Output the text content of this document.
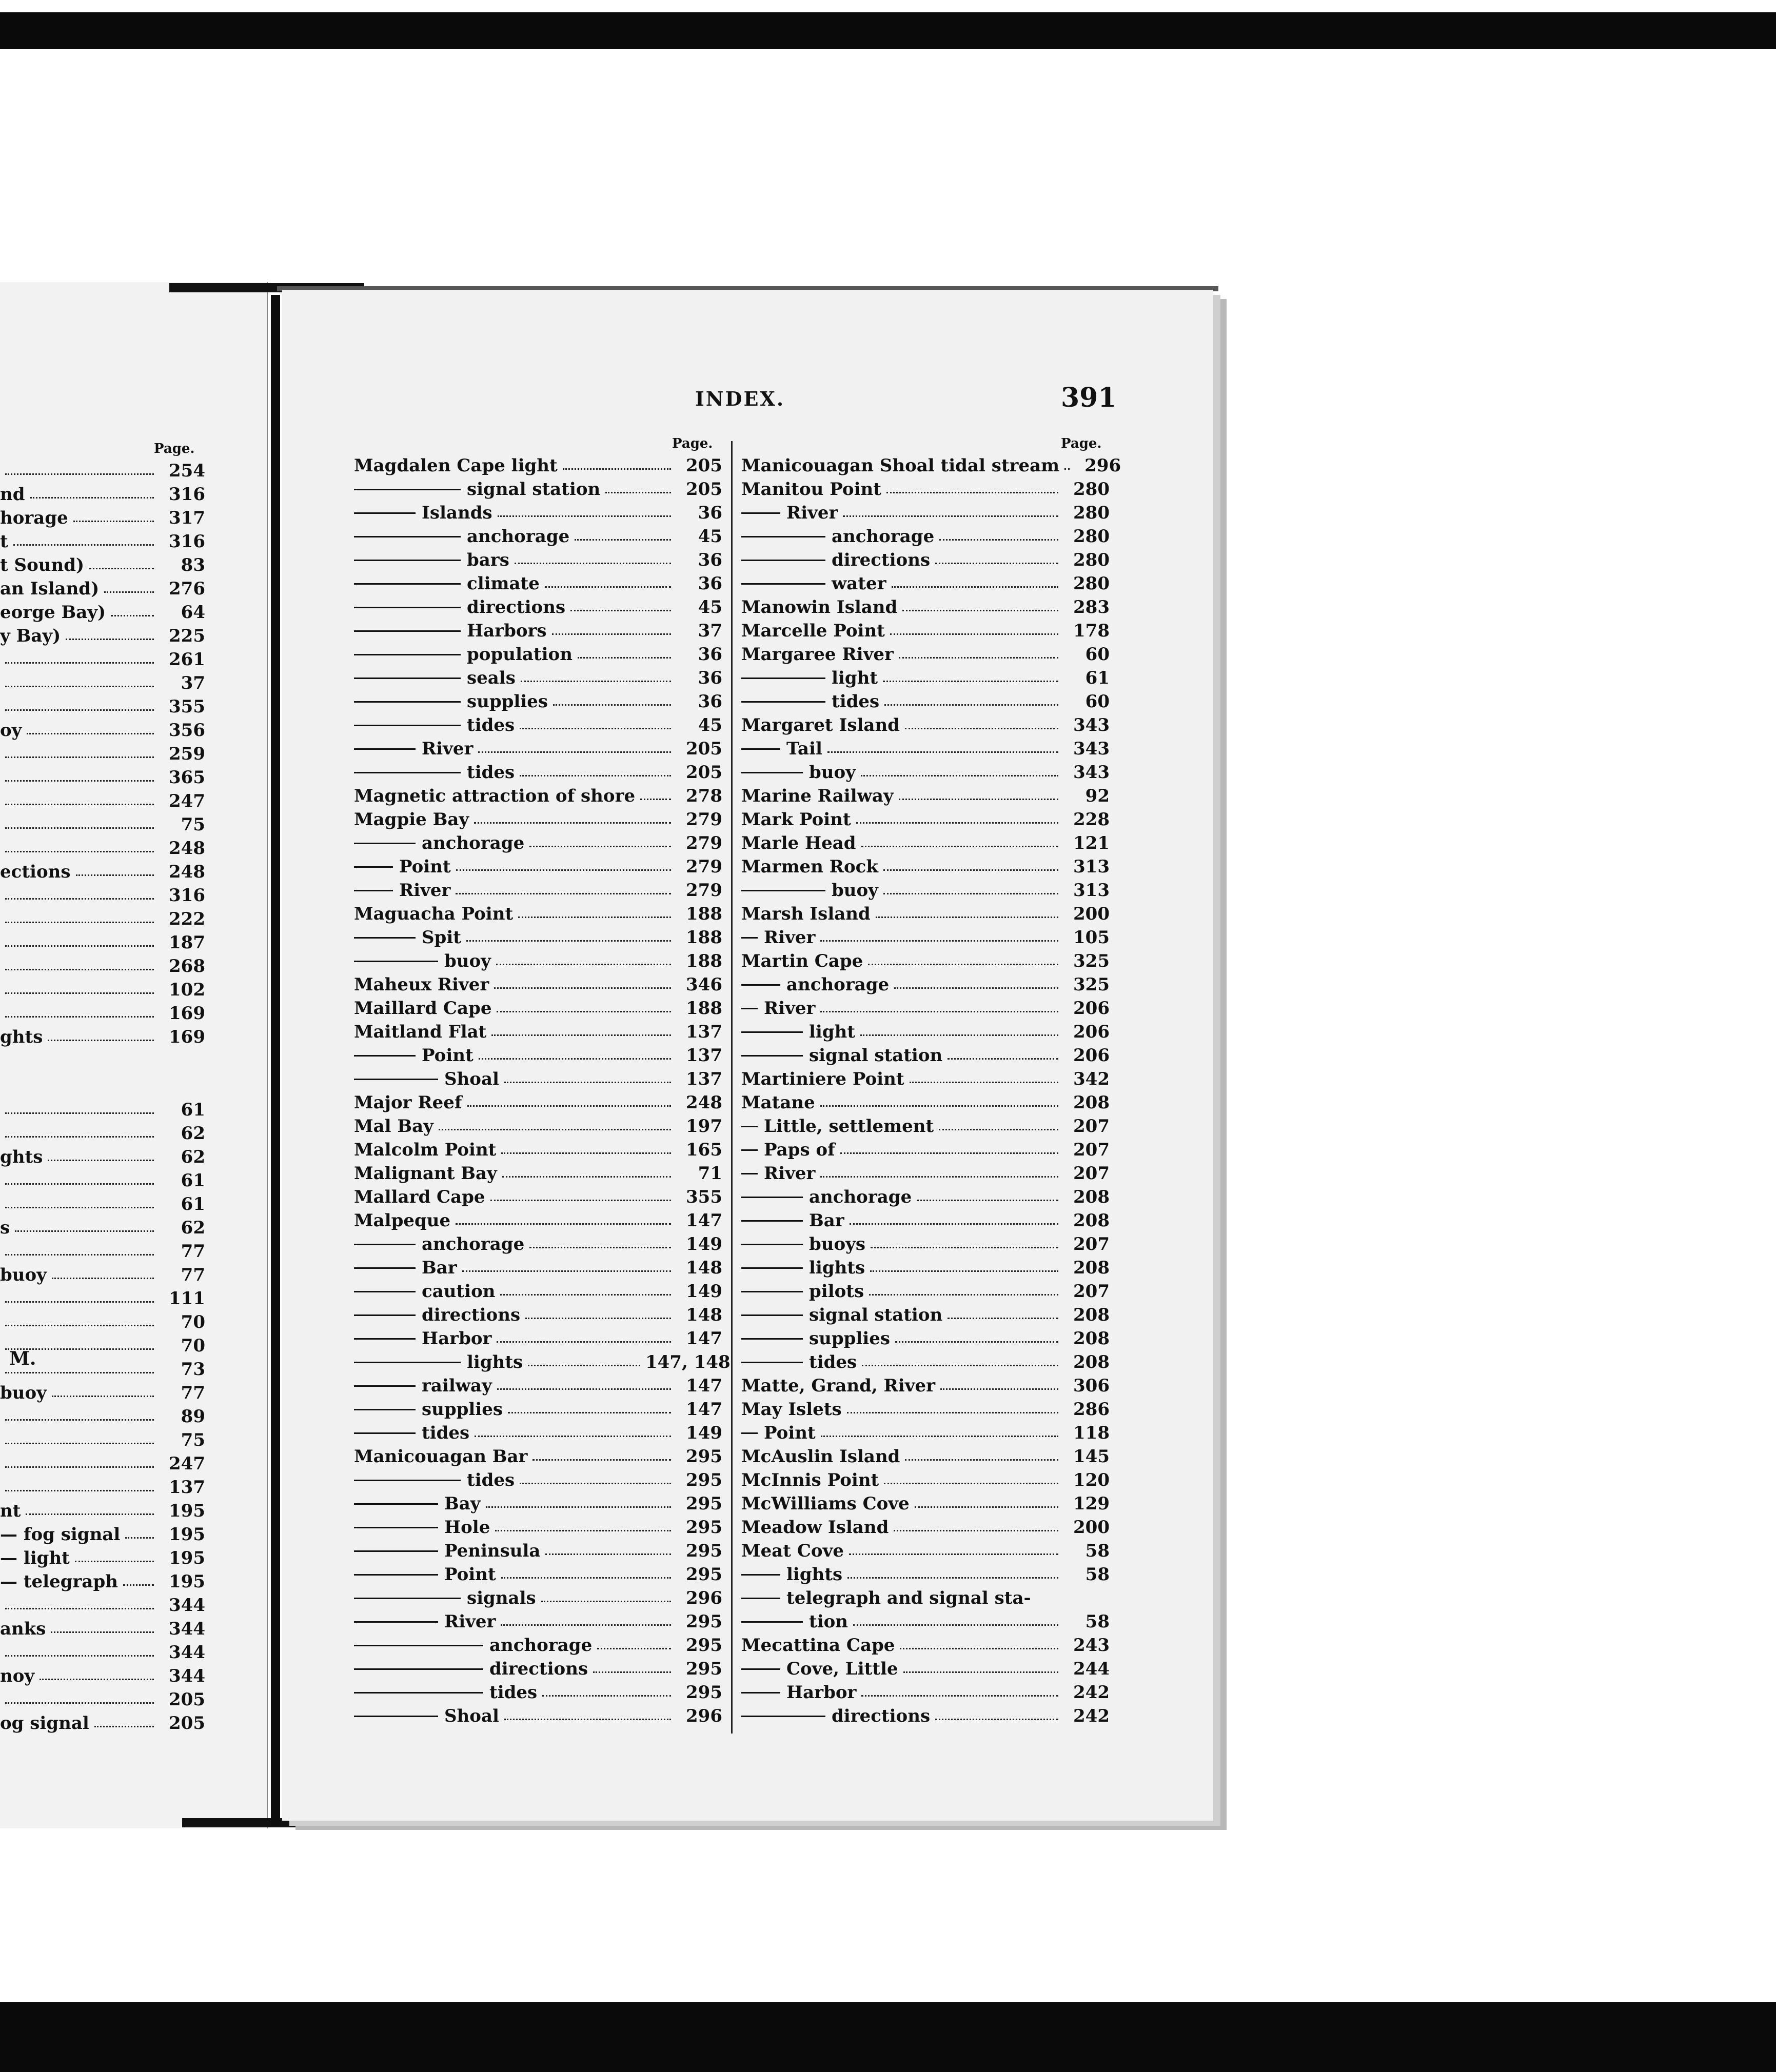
Page.
254
nd	316
horage	317
t	316
t Sound)	83
an Island)	276
eorge Bay)	64
y Bay)	225
261
37
355
oy	356
259
365
247
75
248
ections	248
316
222
187
268
102
169
ghts	169
61
62
ghts	62
61
61
s	62
77
buoy	77
111
70
70
73
buoy	77
89
75
247
137
nt	195
— fog signal	195
— light	195
— telegraph	195
344
anks	344
344
noy	344
205
og signal	205
M.
INDEX.	391
Page.	Page.
Magdalen Cape light	205
signal station	205
Islands	36
anchorage	45
bars	36
climate	36
directions	45
Harbors	37
population	36
seals	36
supplies	36
tides	45
River	205
tides	205
Magnetic attraction of shore	278
Magpie Bay	279
anchorage	279
Point	279
River	279
Maguacha Point	188
Spit	188
buoy	188
Maheux River	346
Maillard Cape	188
Maitland Flat	137
Point	137
Shoal	137
Major Reef	248
Mal Bay	197
Malcolm Point	165
Malignant Bay	71
Mallard Cape	355
Malpeque	147
anchorage	149
Bar	148
caution	149
directions	148
Harbor	147
lights	147, 148
railway	147
supplies	147
tides	149
Manicouagan Bar	295
tides	295
Bay	295
Hole	295
Peninsula	295
Point	295
signals	296
River	295
anchorage	295
directions	295
tides	295
Shoal	296
Manicouagan Shoal tidal stream	296
Manitou Point	280
River	280
anchorage	280
directions	280
water	280
Manowin Island	283
Marcelle Point	178
Margaree River	60
light	61
tides	60
Margaret Island	343
Tail	343
buoy	343
Marine Railway	92
Mark Point	228
Marle Head	121
Marmen Rock	313
buoy	313
Marsh Island	200
River	105
Martin Cape	325
anchorage	325
River	206
light	206
signal station	206
Martiniere Point	342
Matane	208
Little, settlement	207
Paps of	207
River	207
anchorage	208
Bar	208
buoys	207
lights	208
pilots	207
signal station	208
supplies	208
tides	208
Matte, Grand, River	306
May Islets	286
Point	118
McAuslin Island	145
McInnis Point	120
McWilliams Cove	129
Meadow Island	200
Meat Cove	58
lights	58
telegraph and signal sta-
tion	58
Mecattina Cape	243
Cove, Little	244
Harbor	242
directions	242
